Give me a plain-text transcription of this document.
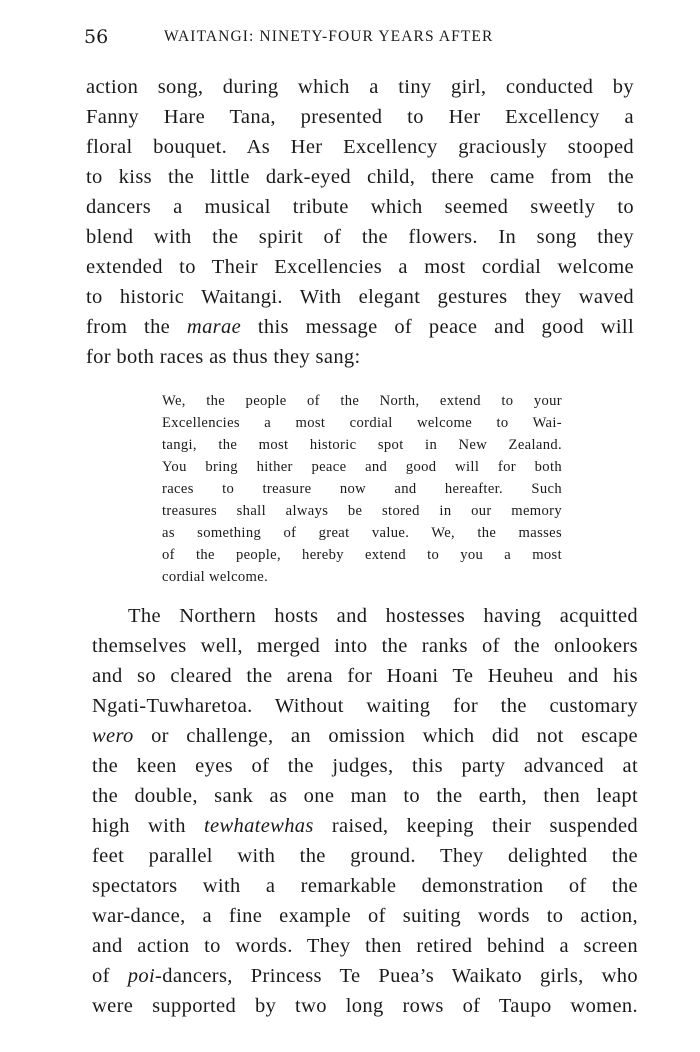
56	WAITANGI: NINETY-FOUR YEARS AFTER
action song, during which a tiny girl, conducted by
Fanny Hare Tana, presented to Her Excellency a
floral bouquet. As Her Excellency graciously stooped
to kiss the little dark-eyed child, there came from the
dancers a musical tribute which seemed sweetly to
blend with the spirit of the flowers. In song they
extended to Their Excellencies a most cordial welcome
to historic Waitangi. With elegant gestures they waved
from the marae this message of peace and good will
for both races as thus they sang:
We, the people of the North, extend to your
Excellencies a most cordial welcome to Wai-
tangi, the most historic spot in New Zealand.
You bring hither peace and good will for both
races to treasure now and hereafter. Such
treasures shall always be stored in our memory
as something of great value. We, the masses
of the people, hereby extend to you a most
cordial welcome.
The Northern hosts and hostesses having acquitted
themselves well, merged into the ranks of the onlookers
and so cleared the arena for Hoani Te Heuheu and his
Ngati-Tuwharetoa. Without waiting for the customary
wero or challenge, an omission which did not escape
the keen eyes of the judges, this party advanced at
the double, sank as one man to the earth, then leapt
high with tewhatewhas raised, keeping their suspended
feet parallel with the ground. They delighted the
spectators with a remarkable demonstration of the
war-dance, a fine example of suiting words to action,
and action to words. They then retired behind a screen
of poi-dancers, Princess Te Puea’s Waikato girls, who
were supported by two long rows of Taupo women.
